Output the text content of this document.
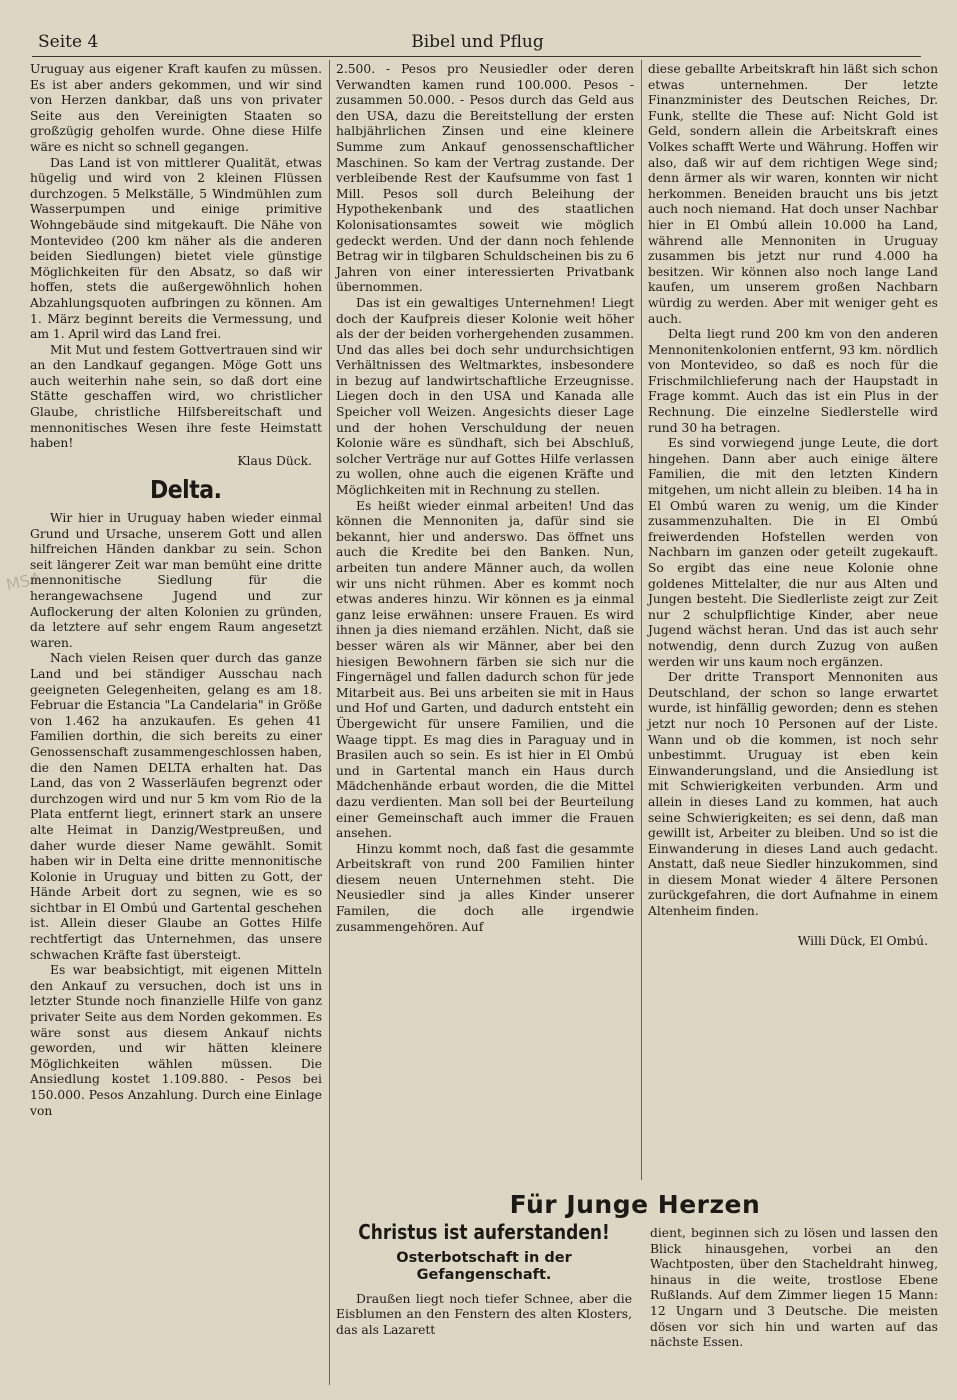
Seite 4	Bibel und Pflug
MSA

Uruguay aus eigener Kraft kaufen zu müssen. Es ist aber anders gekommen, und wir sind von Herzen dankbar, daß uns von privater Seite aus den Vereinigten Staaten so großzügig geholfen wurde. Ohne diese Hilfe wäre es nicht so schnell gegangen.

Das Land ist von mittlerer Qualität, etwas hügelig und wird von 2 kleinen Flüssen durchzogen. 5 Melkställe, 5 Windmühlen zum Wasserpumpen und einige primitive Wohngebäude sind mitgekauft. Die Nähe von Montevideo (200 km näher als die anderen beiden Siedlungen) bietet viele günstige Möglichkeiten für den Absatz, so daß wir hoffen, stets die außergewöhnlich hohen Abzahlungsquoten aufbringen zu können. Am 1. März beginnt bereits die Vermessung, und am 1. April wird das Land frei.

Mit Mut und festem Gottvertrauen sind wir an den Landkauf gegangen. Möge Gott uns auch weiterhin nahe sein, so daß dort eine Stätte geschaffen wird, wo christlicher Glaube, christliche Hilfsbereitschaft und mennonitisches Wesen ihre feste Heimstatt haben!

Klaus Dück.

Delta.

Wir hier in Uruguay haben wieder einmal Grund und Ursache, unserem Gott und allen hilfreichen Händen dankbar zu sein. Schon seit längerer Zeit war man bemüht eine dritte mennonitische Siedlung für die herangewachsene Jugend und zur Auflockerung der alten Kolonien zu gründen, da letztere auf sehr engem Raum angesetzt waren.

Nach vielen Reisen quer durch das ganze Land und bei ständiger Ausschau nach geeigneten Gelegenheiten, gelang es am 18. Februar die Estancia "La Candelaria" in Größe von 1.462 ha anzukaufen. Es gehen 41 Familien dorthin, die sich bereits zu einer Genossenschaft zusammengeschlossen haben, die den Namen DELTA erhalten hat. Das Land, das von 2 Wasserläufen begrenzt oder durchzogen wird und nur 5 km vom Rio de la Plata entfernt liegt, erinnert stark an unsere alte Heimat in Danzig/Westpreußen, und daher wurde dieser Name gewählt. Somit haben wir in Delta eine dritte mennonitische Kolonie in Uruguay und bitten zu Gott, der Hände Arbeit dort zu segnen, wie es so sichtbar in El Ombú und Gartental geschehen ist. Allein dieser Glaube an Gottes Hilfe rechtfertigt das Unternehmen, das unsere schwachen Kräfte fast übersteigt.

Es war beabsichtigt, mit eigenen Mitteln den Ankauf zu versuchen, doch ist uns in letzter Stunde noch finanzielle Hilfe von ganz privater Seite aus dem Norden gekommen. Es wäre sonst aus diesem Ankauf nichts geworden, und wir hätten kleinere Möglichkeiten wählen müssen. Die Ansiedlung kostet 1.109.880. - Pesos bei 150.000. Pesos Anzahlung. Durch eine Einlage von

2.500. - Pesos pro Neusiedler oder deren Verwandten kamen rund 100.000. Pesos - zusammen 50.000. - Pesos durch das Geld aus den USA, dazu die Bereitstellung der ersten halbjährlichen Zinsen und eine kleinere Summe zum Ankauf genossenschaftlicher Maschinen. So kam der Vertrag zustande. Der verbleibende Rest der Kaufsumme von fast 1 Mill. Pesos soll durch Beleihung der Hypothekenbank und des staatlichen Kolonisationsamtes soweit wie möglich gedeckt werden. Und der dann noch fehlende Betrag wir in tilgbaren Schuldscheinen bis zu 6 Jahren von einer interessierten Privatbank übernommen.

Das ist ein gewaltiges Unternehmen! Liegt doch der Kaufpreis dieser Kolonie weit höher als der der beiden vorhergehenden zusammen. Und das alles bei doch sehr undurchsichtigen Verhältnissen des Weltmarktes, insbesondere in bezug auf landwirtschaftliche Erzeugnisse. Liegen doch in den USA und Kanada alle Speicher voll Weizen. Angesichts dieser Lage und der hohen Verschuldung der neuen Kolonie wäre es sündhaft, sich bei Abschluß, solcher Verträge nur auf Gottes Hilfe verlassen zu wollen, ohne auch die eigenen Kräfte und Möglichkeiten mit in Rechnung zu stellen.

Es heißt wieder einmal arbeiten! Und das können die Mennoniten ja, dafür sind sie bekannt, hier und anderswo. Das öffnet uns auch die Kredite bei den Banken. Nun, arbeiten tun andere Männer auch, da wollen wir uns nicht rühmen. Aber es kommt noch etwas anderes hinzu. Wir können es ja einmal ganz leise erwähnen: unsere Frauen. Es wird ihnen ja dies niemand erzählen. Nicht, daß sie besser wären als wir Männer, aber bei den hiesigen Bewohnern färben sie sich nur die Fingernägel und fallen dadurch schon für jede Mitarbeit aus. Bei uns arbeiten sie mit in Haus und Hof und Garten, und dadurch entsteht ein Übergewicht für unsere Familien, und die Waage tippt. Es mag dies in Paraguay und in Brasilen auch so sein. Es ist hier in El Ombú und in Gartental manch ein Haus durch Mädchenhände erbaut worden, die die Mittel dazu verdienten. Man soll bei der Beurteilung einer Gemeinschaft auch immer die Frauen ansehen.

Hinzu kommt noch, daß fast die gesammte Arbeitskraft von rund 200 Familien hinter diesem neuen Unternehmen steht. Die Neusiedler sind ja alles Kinder unserer Familen, die doch alle irgendwie zusammengehören. Auf

diese geballte Arbeitskraft hin läßt sich schon etwas unternehmen. Der letzte Finanzminister des Deutschen Reiches, Dr. Funk, stellte die These auf: Nicht Gold ist Geld, sondern allein die Arbeitskraft eines Volkes schafft Werte und Währung. Hoffen wir also, daß wir auf dem richtigen Wege sind; denn ärmer als wir waren, konnten wir nicht herkommen. Beneiden braucht uns bis jetzt auch noch niemand. Hat doch unser Nachbar hier in El Ombú allein 10.000 ha Land, während alle Mennoniten in Uruguay zusammen bis jetzt nur rund 4.000 ha besitzen. Wir können also noch lange Land kaufen, um unserem großen Nachbarn würdig zu werden. Aber mit weniger geht es auch.

Delta liegt rund 200 km von den anderen Mennonitenkolonien entfernt, 93 km. nördlich von Montevideo, so daß es noch für die Frischmilchlieferung nach der Haupstadt in Frage kommt. Auch das ist ein Plus in der Rechnung. Die einzelne Siedlerstelle wird rund 30 ha betragen.

Es sind vorwiegend junge Leute, die dort hingehen. Dann aber auch einige ältere Familien, die mit den letzten Kindern mitgehen, um nicht allein zu bleiben. 14 ha in El Ombú waren zu wenig, um die Kinder zusammenzuhalten. Die in El Ombú freiwerdenden Hofstellen werden von Nachbarn im ganzen oder geteilt zugekauft. So ergibt das eine neue Kolonie ohne goldenes Mittelalter, die nur aus Alten und Jungen besteht. Die Siedlerliste zeigt zur Zeit nur 2 schulpflichtige Kinder, aber neue Jugend wächst heran. Und das ist auch sehr notwendig, denn durch Zuzug von außen werden wir uns kaum noch ergänzen.

Der dritte Transport Mennoniten aus Deutschland, der schon so lange erwartet wurde, ist hinfällig geworden; denn es stehen jetzt nur noch 10 Personen auf der Liste. Wann und ob die kommen, ist noch sehr unbestimmt. Uruguay ist eben kein Einwanderungsland, und die Ansiedlung ist mit Schwierigkeiten verbunden. Arm und allein in dieses Land zu kommen, hat auch seine Schwierigkeiten; es sei denn, daß man gewillt ist, Arbeiter zu bleiben. Und so ist die Einwanderung in dieses Land auch gedacht. Anstatt, daß neue Siedler hinzukommen, sind in diesem Monat wieder 4 ältere Personen zurückgefahren, die dort Aufnahme in einem Altenheim finden.

Willi Dück, El Ombú.

Für Junge Herzen
Christus ist auferstanden!
Osterbotschaft in der Gefangenschaft.

Draußen liegt noch tiefer Schnee, aber die Eisblumen an den Fenstern des alten Klosters, das als Lazarett

dient, beginnen sich zu lösen und lassen den Blick hinausgehen, vorbei an den Wachtposten, über den Stacheldraht hinweg, hinaus in die weite, trostlose Ebene Rußlands. Auf dem Zimmer liegen 15 Mann: 12 Ungarn und 3 Deutsche. Die meisten dösen vor sich hin und warten auf das nächste Essen.
